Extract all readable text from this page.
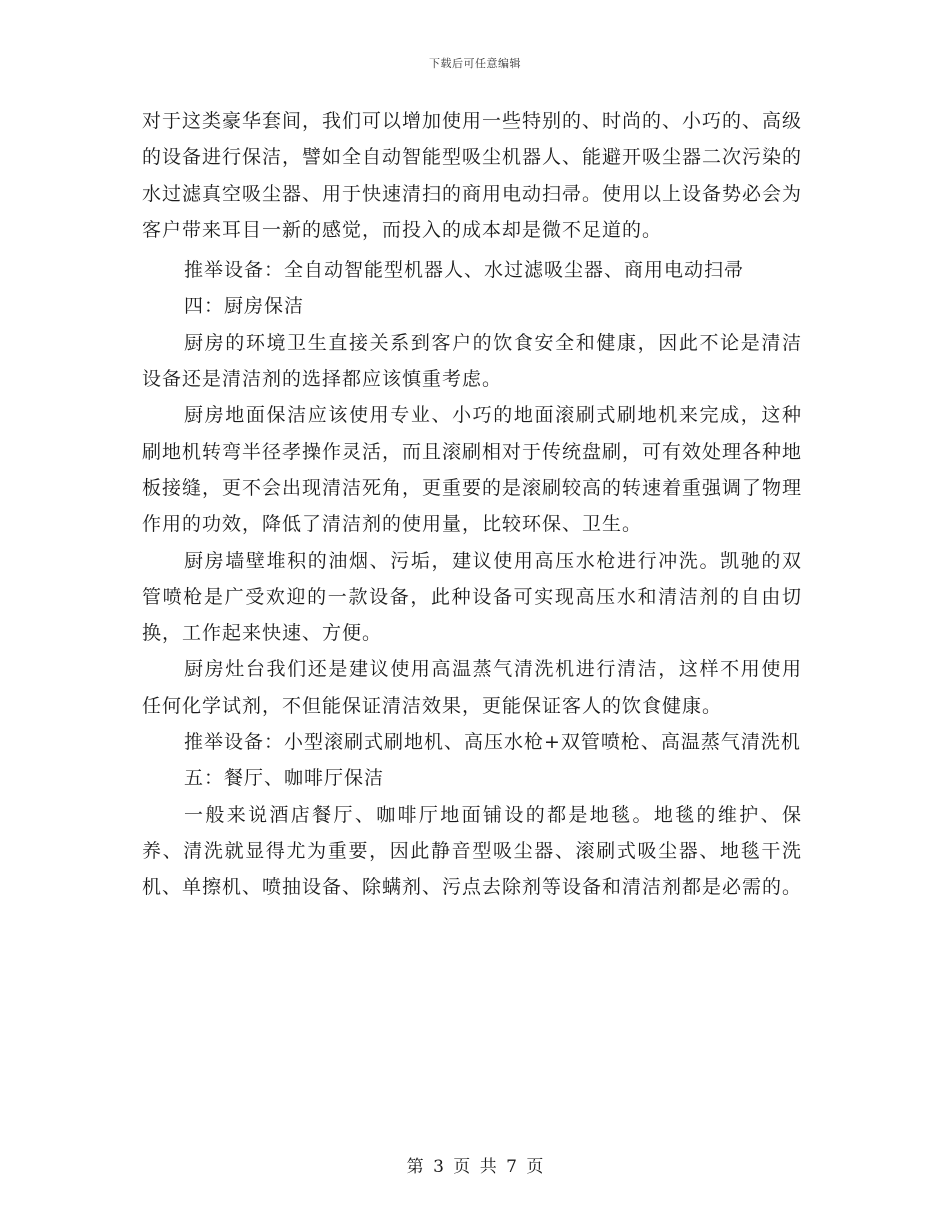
下载后可任意编辑

对于这类豪华套间，我们可以增加使用一些特别的、时尚的、小巧的、高级的设备进行保洁，譬如全自动智能型吸尘机器人、能避开吸尘器二次污染的水过滤真空吸尘器、用于快速清扫的商用电动扫帚。使用以上设备势必会为客户带来耳目一新的感觉，而投入的成本却是微不足道的。

推举设备：全自动智能型机器人、水过滤吸尘器、商用电动扫帚

四：厨房保洁

厨房的环境卫生直接关系到客户的饮食安全和健康，因此不论是清洁设备还是清洁剂的选择都应该慎重考虑。

厨房地面保洁应该使用专业、小巧的地面滚刷式刷地机来完成，这种刷地机转弯半径孝操作灵活，而且滚刷相对于传统盘刷，可有效处理各种地板接缝，更不会出现清洁死角，更重要的是滚刷较高的转速着重强调了物理作用的功效，降低了清洁剂的使用量，比较环保、卫生。

厨房墙壁堆积的油烟、污垢，建议使用高压水枪进行冲洗。凯驰的双管喷枪是广受欢迎的一款设备，此种设备可实现高压水和清洁剂的自由切换，工作起来快速、方便。

厨房灶台我们还是建议使用高温蒸气清洗机进行清洁，这样不用使用任何化学试剂，不但能保证清洁效果，更能保证客人的饮食健康。

推举设备：小型滚刷式刷地机、高压水枪+双管喷枪、高温蒸气清洗机

五：餐厅、咖啡厅保洁

一般来说酒店餐厅、咖啡厅地面铺设的都是地毯。地毯的维护、保养、清洗就显得尤为重要，因此静音型吸尘器、滚刷式吸尘器、地毯干洗机、单擦机、喷抽设备、除螨剂、污点去除剂等设备和清洁剂都是必需的。

第 3 页 共 7 页
